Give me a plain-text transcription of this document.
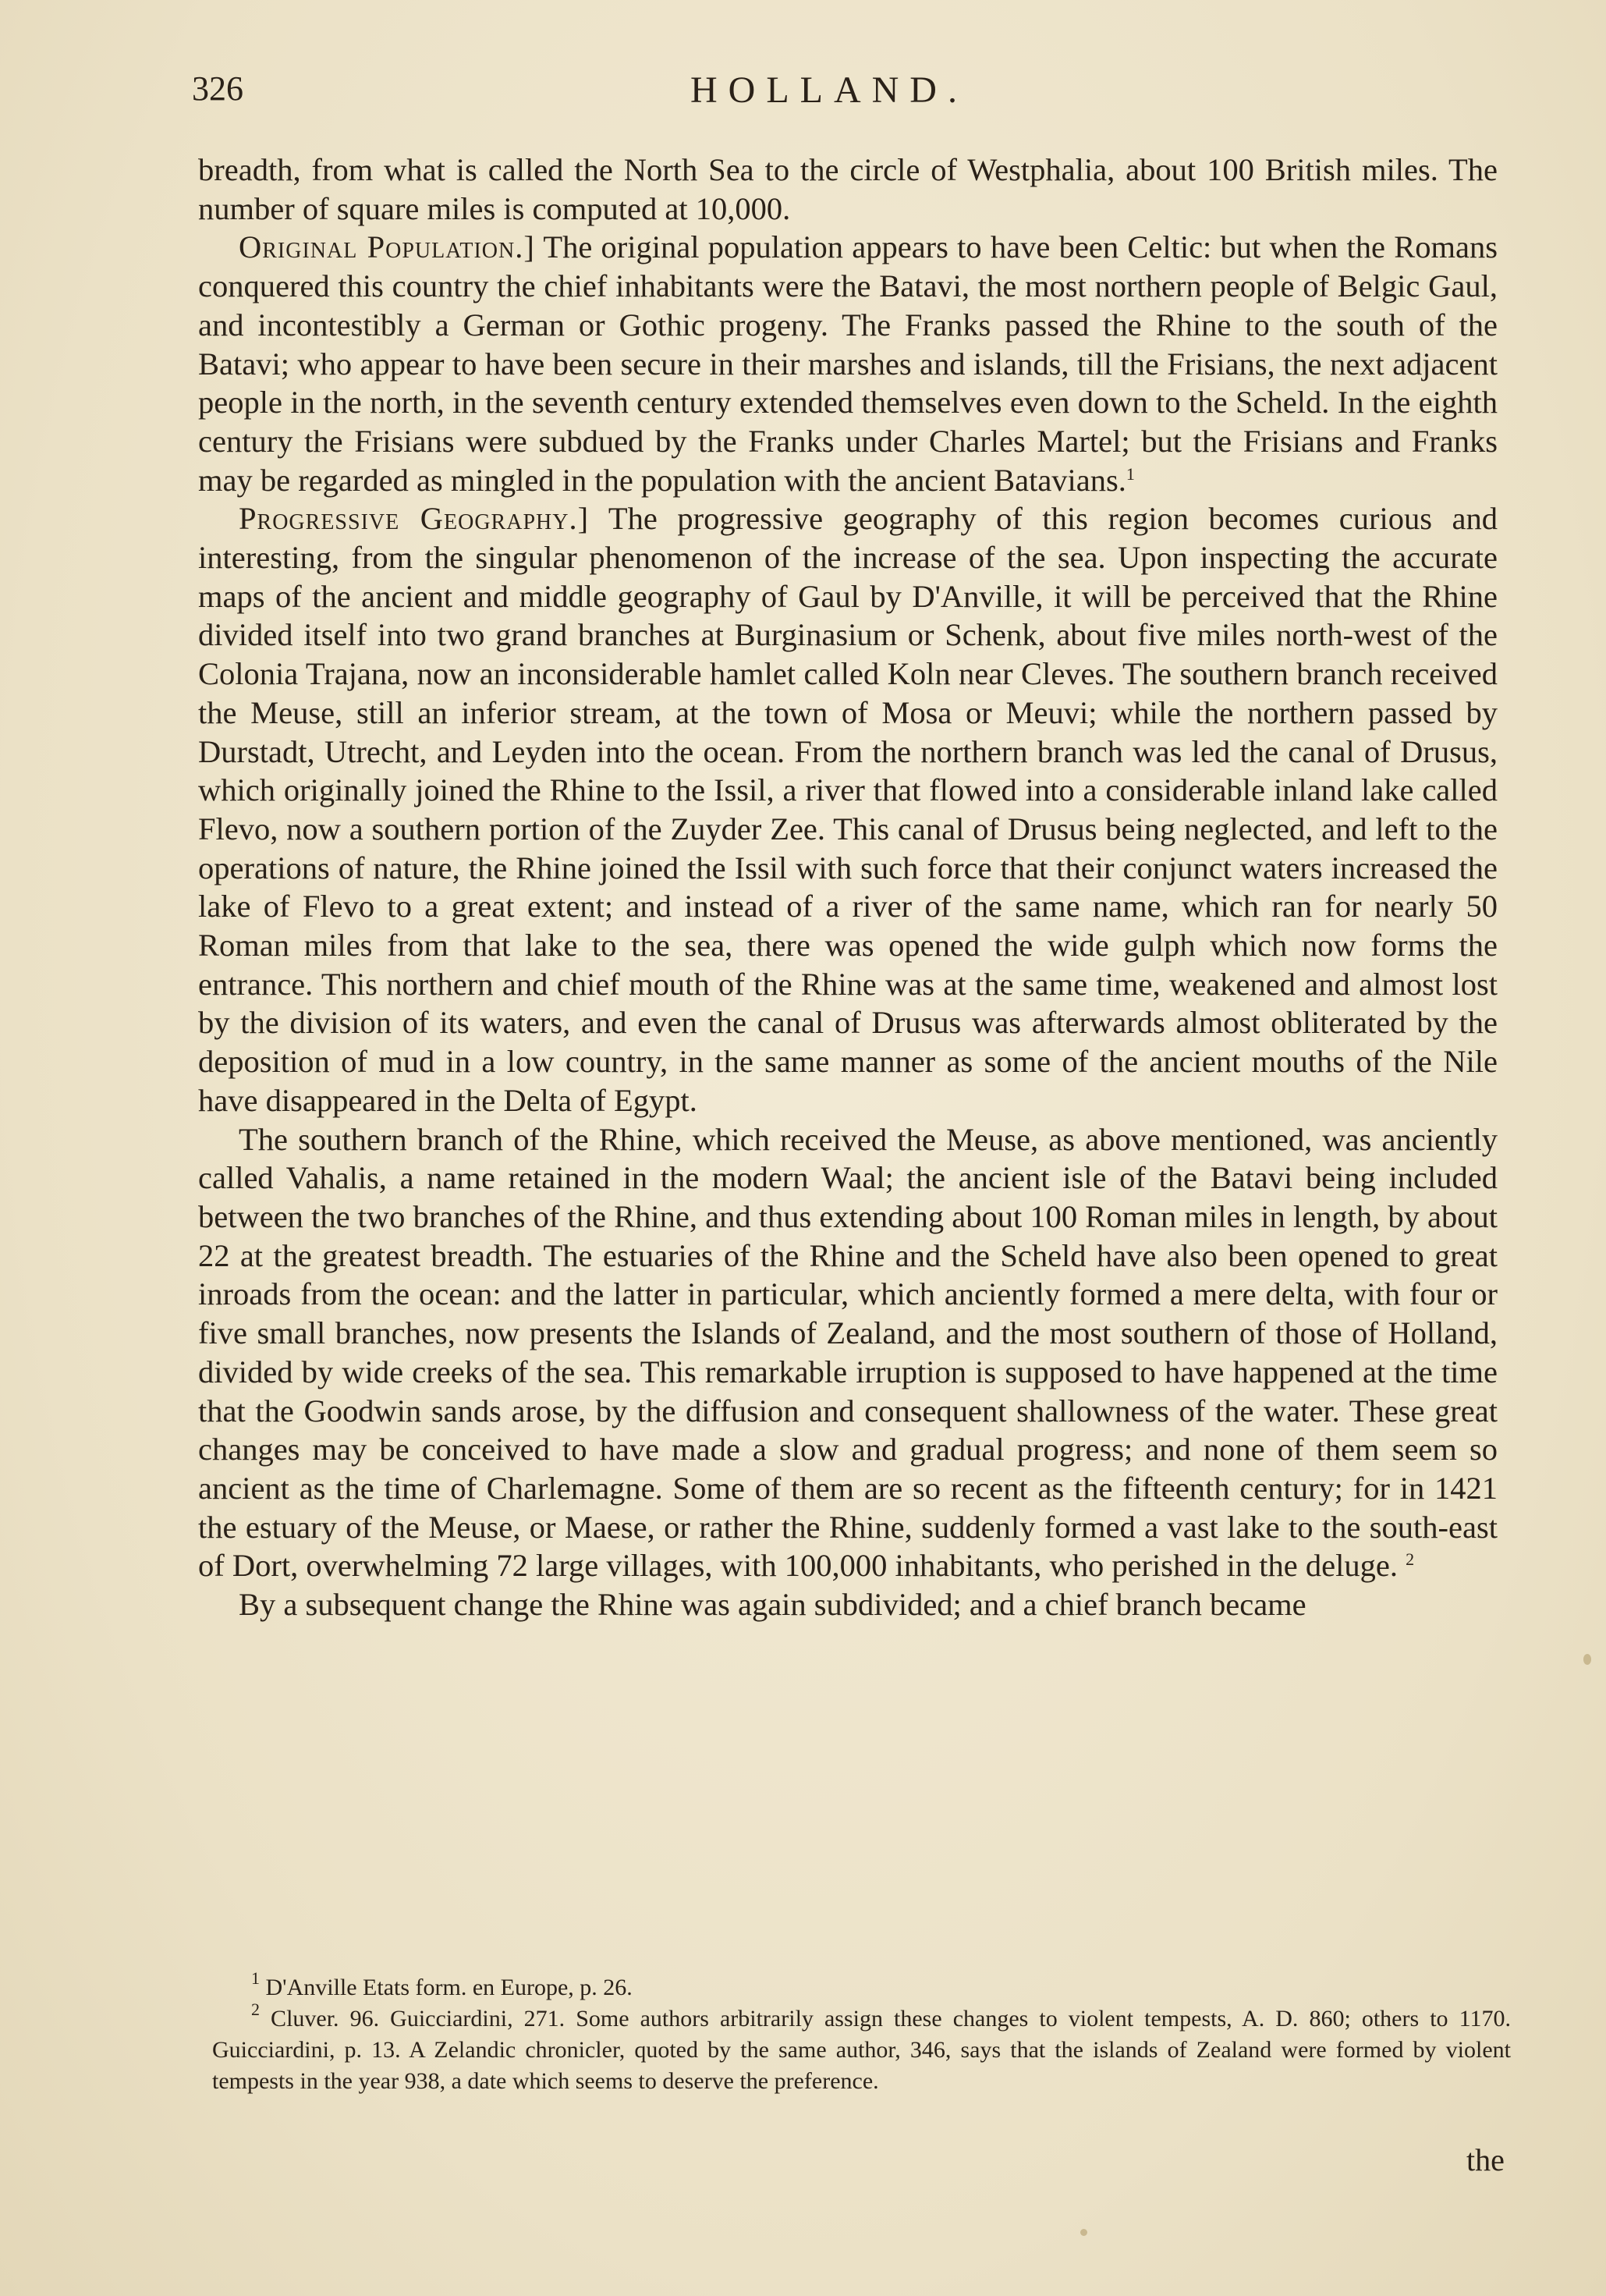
326	HOLLAND.

breadth, from what is called the North Sea to the circle of Westphalia, about 100 British miles. The number of square miles is computed at 10,000.

Original Population.] The original population appears to have been Celtic: but when the Romans conquered this country the chief inhabitants were the Batavi, the most northern people of Belgic Gaul, and incontestibly a German or Gothic progeny. The Franks passed the Rhine to the south of the Batavi; who appear to have been secure in their marshes and islands, till the Frisians, the next adjacent people in the north, in the seventh century extended themselves even down to the Scheld. In the eighth century the Frisians were subdued by the Franks under Charles Martel; but the Frisians and Franks may be regarded as mingled in the population with the ancient Batavians.$^1$

Progressive Geography.] The progressive geography of this region becomes curious and interesting, from the singular phenomenon of the increase of the sea. Upon inspecting the accurate maps of the ancient and middle geography of Gaul by D'Anville, it will be perceived that the Rhine divided itself into two grand branches at Burginasium or Schenk, about five miles north-west of the Colonia Trajana, now an inconsiderable hamlet called Koln near Cleves. The southern branch received the Meuse, still an inferior stream, at the town of Mosa or Meuvi; while the northern passed by Durstadt, Utrecht, and Leyden into the ocean. From the northern branch was led the canal of Drusus, which originally joined the Rhine to the Issil, a river that flowed into a considerable inland lake called Flevo, now a southern portion of the Zuyder Zee. This canal of Drusus being neglected, and left to the operations of nature, the Rhine joined the Issil with such force that their conjunct waters increased the lake of Flevo to a great extent; and instead of a river of the same name, which ran for nearly 50 Roman miles from that lake to the sea, there was opened the wide gulph which now forms the entrance. This northern and chief mouth of the Rhine was at the same time, weakened and almost lost by the division of its waters, and even the canal of Drusus was afterwards almost obliterated by the deposition of mud in a low country, in the same manner as some of the ancient mouths of the Nile have disappeared in the Delta of Egypt.

The southern branch of the Rhine, which received the Meuse, as above mentioned, was anciently called Vahalis, a name retained in the modern Waal; the ancient isle of the Batavi being included between the two branches of the Rhine, and thus extending about 100 Roman miles in length, by about 22 at the greatest breadth. The estuaries of the Rhine and the Scheld have also been opened to great inroads from the ocean: and the latter in particular, which anciently formed a mere delta, with four or five small branches, now presents the Islands of Zealand, and the most southern of those of Holland, divided by wide creeks of the sea. This remarkable irruption is supposed to have happened at the time that the Goodwin sands arose, by the diffusion and consequent shallowness of the water. These great changes may be conceived to have made a slow and gradual progress; and none of them seem so ancient as the time of Charlemagne. Some of them are so recent as the fifteenth century; for in 1421 the estuary of the Meuse, or Maese, or rather the Rhine, suddenly formed a vast lake to the south-east of Dort, overwhelming 72 large villages, with 100,000 inhabitants, who perished in the deluge. $^2$

By a subsequent change the Rhine was again subdivided; and a chief branch became

$^1$ D'Anville Etats form. en Europe, p. 26.

$^2$ Cluver. 96. Guicciardini, 271. Some authors arbitrarily assign these changes to violent tempests, A. D. 860; others to 1170. Guicciardini, p. 13. A Zelandic chronicler, quoted by the same author, 346, says that the islands of Zealand were formed by violent tempests in the year 938, a date which seems to deserve the preference.

the
